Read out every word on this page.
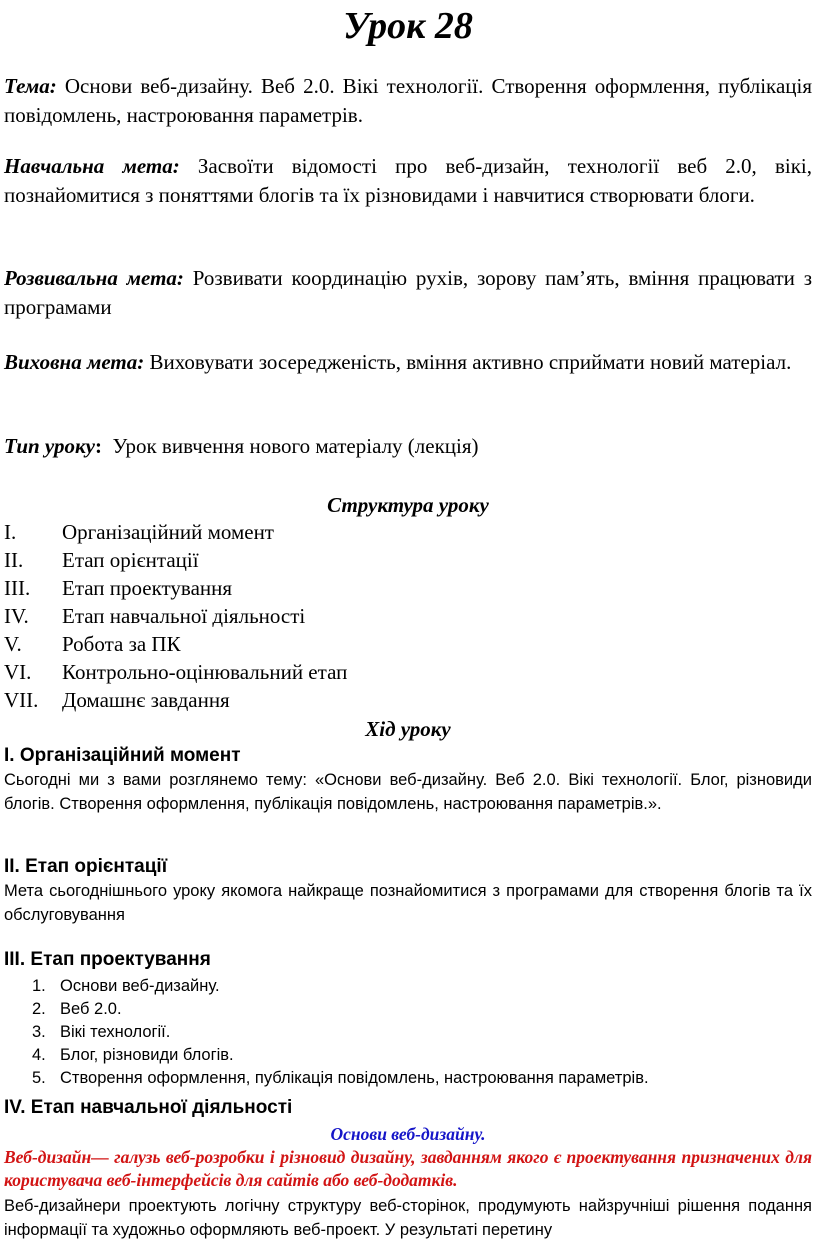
Урок 28
Тема: Основи веб-дизайну. Веб 2.0. Вікі технології. Створення оформлення, публікація повідомлень, настроювання параметрів.
Навчальна мета: Засвоїти відомості про веб-дизайн, технології веб 2.0, вікі, познайомитися з поняттями блогів та їх різновидами і навчитися створювати блоги.
Розвивальна мета: Розвивати координацію рухів, зорову пам’ять, вміння працювати з програмами
Виховна мета: Виховувати зосередженість, вміння активно сприймати новий матеріал.
Тип уроку: Урок вивчення нового матеріалу (лекція)
Структура уроку
I. Організаційний момент
II. Етап орієнтації
III. Етап проектування
IV. Етап навчальної діяльності
V. Робота за ПК
VI. Контрольно-оцінювальний етап
VII. Домашнє завдання
Хід уроку
I. Організаційний момент
Сьогодні ми з вами розглянемо тему: «Основи веб-дизайну. Веб 2.0. Вікі технології. Блог, різновиди блогів. Створення оформлення, публікація повідомлень, настроювання параметрів.».
II. Етап орієнтації
Мета сьогоднішнього уроку якомога найкраще познайомитися з програмами для створення блогів та їх обслуговування
III. Етап проектування
1. Основи веб-дизайну.
2. Веб 2.0.
3. Вікі технології.
4. Блог, різновиди блогів.
5. Створення оформлення, публікація повідомлень, настроювання параметрів.
IV. Етап навчальної діяльності
Основи веб-дизайну.
Веб-дизайн— галузь веб-розробки і різновид дизайну, завданням якого є проектування призначених для користувача веб-інтерфейсів для сайтів або веб-додатків.
Веб-дизайнери проектують логічну структуру веб-сторінок, продумують найзручніші рішення подання інформації та художньо оформляють веб-проект. У результаті перетину
